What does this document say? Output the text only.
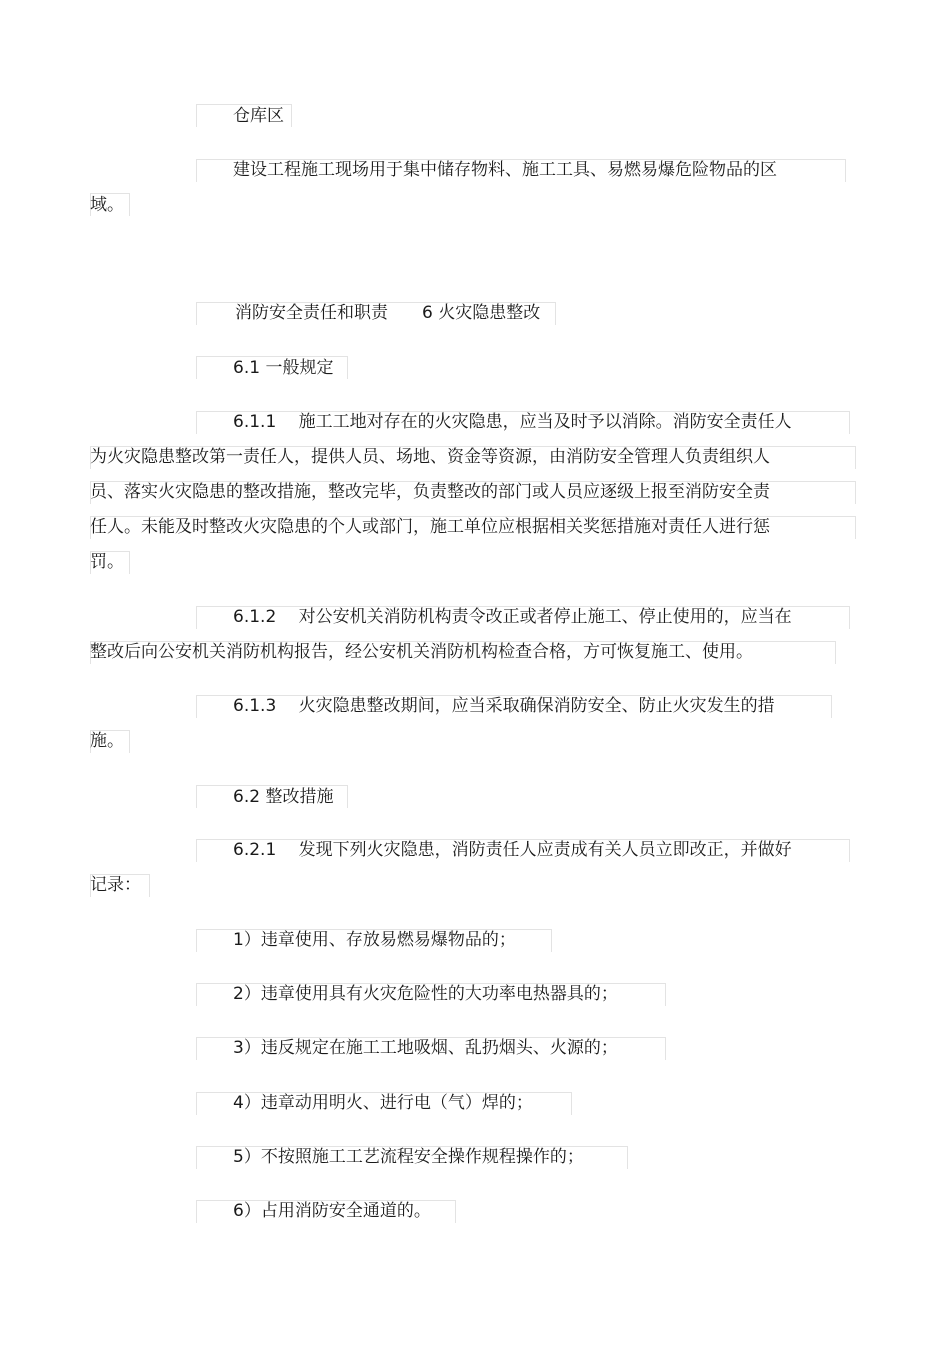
仓库区
建设工程施工现场用于集中储存物料、施工工具、易燃易爆危险物品的区
域。
消防安全责任和职责　　6 火灾隐患整改
6.1 一般规定
6.1.1　 施工工地对存在的火灾隐患，应当及时予以消除。消防安全责任人
为火灾隐患整改第一责任人，提供人员、场地、资金等资源，由消防安全管理人负责组织人
员、落实火灾隐患的整改措施，整改完毕，负责整改的部门或人员应逐级上报至消防安全责
任人。未能及时整改火灾隐患的个人或部门，施工单位应根据相关奖惩措施对责任人进行惩
罚。
6.1.2　 对公安机关消防机构责令改正或者停止施工、停止使用的，应当在
整改后向公安机关消防机构报告，经公安机关消防机构检查合格，方可恢复施工、使用。
6.1.3　 火灾隐患整改期间，应当采取确保消防安全、防止火灾发生的措
施。
6.2 整改措施
6.2.1　 发现下列火灾隐患，消防责任人应责成有关人员立即改正，并做好
记录：
1）违章使用、存放易燃易爆物品的；
2）违章使用具有火灾危险性的大功率电热器具的；
3）违反规定在施工工地吸烟、乱扔烟头、火源的；
4）违章动用明火、进行电（气）焊的；
5）不按照施工工艺流程安全操作规程操作的；
6）占用消防安全通道的。
